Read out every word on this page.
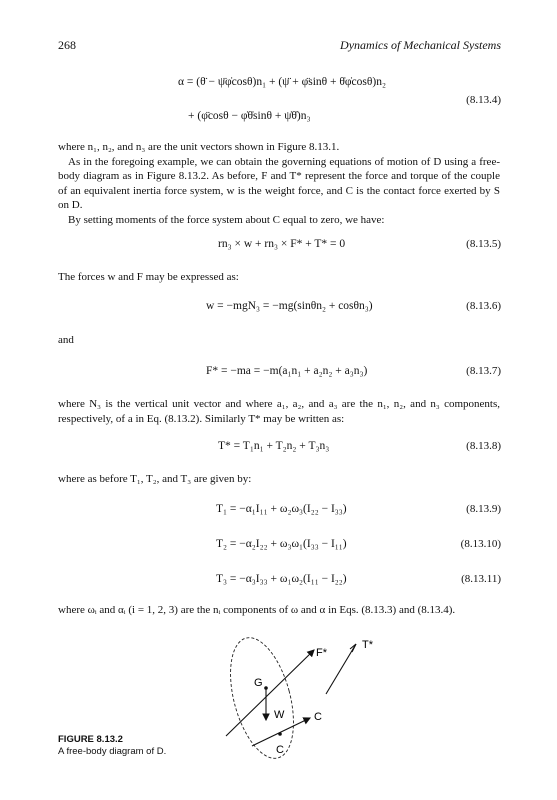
268	Dynamics of Mechanical Systems
α = (θ̈ − ψ̈φ̇cosθ)n₁ + (ψ̈ + φ̈sinθ + θ̇φ̇cosθ)n₂
+ (φ̈cosθ − φ̇θ̇sinθ + ψ̇θ̇)n₃
(8.13.4)

where n₁, n₂, and n₃ are the unit vectors shown in Figure 8.13.1.

As in the foregoing example, we can obtain the governing equations of motion of D using a free-body diagram as in Figure 8.13.2. As before, F and T* represent the force and torque of the couple of an equivalent inertia force system, w is the weight force, and C is the contact force exerted by S on D.

By setting moments of the force system about C equal to zero, we have:

rn₃ × w + rn₃ × F* + T* = 0	(8.13.5)
The forces w and F may be expressed as:
w = −mgN₃ = −mg(sinθn₂ + cosθn₃)	(8.13.6)
and
F* = −ma = −m(a₁n₁ + a₂n₂ + a₃n₃)	(8.13.7)
where N₃ is the vertical unit vector and where a₁, a₂, and a₃ are the n₁, n₂, and n₃ components, respectively, of a in Eq. (8.13.2). Similarly T* may be written as:
T* = T₁n₁ + T₂n₂ + T₃n₃	(8.13.8)
where as before T₁, T₂, and T₃ are given by:
T₁ = −α₁I₁₁ + ω₂ω₃(I₂₂ − I₃₃)	(8.13.9)
T₂ = −α₂I₂₂ + ω₃ω₁(I₃₃ − I₁₁)	(8.13.10)
T₃ = −α₃I₃₃ + ω₁ω₂(I₁₁ − I₂₂)	(8.13.11)
where ωᵢ and αᵢ (i = 1, 2, 3) are the nᵢ components of ω and α in Eqs. (8.13.3) and (8.13.4).
F*
T*
G
W	C
C
FIGURE 8.13.2
A free-body diagram of D.
